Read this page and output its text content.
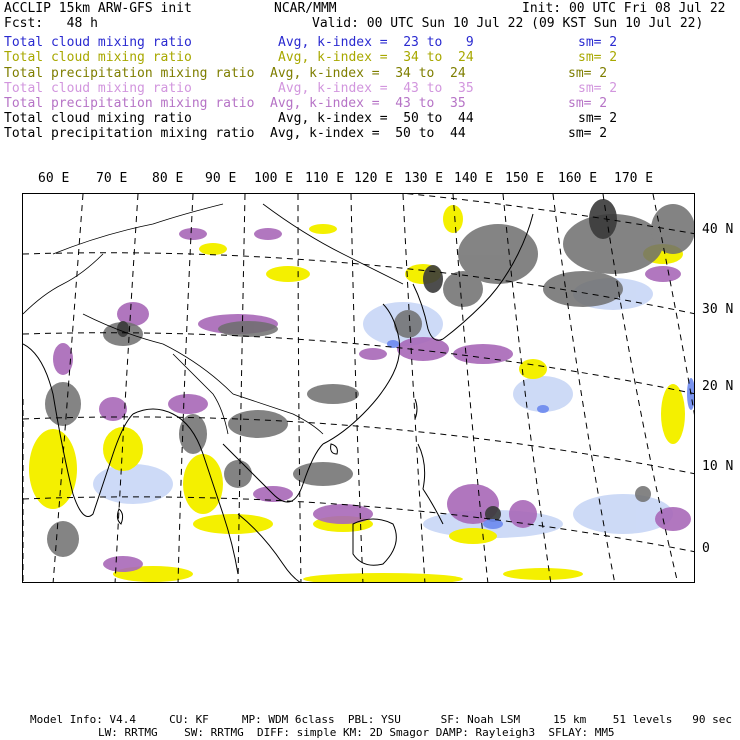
ACCLIP 15km ARW-GFS init	NCAR/MMM	Init: 00 UTC Fri 08 Jul 22
Fcst:   48 h	Valid: 00 UTC Sun 10 Jul 22 (09 KST Sun 10 Jul 22)
Total cloud mixing ratio	Avg, k-index =  23 to   9	sm= 2
Total cloud mixing ratio	Avg, k-index =  34 to  24	sm= 2
Total precipitation mixing ratio Avg, k-index =  34 to  24	sm= 2
Total cloud mixing ratio	Avg, k-index =  43 to  35	sm= 2
Total precipitation mixing ratio Avg, k-index =  43 to  35	sm= 2
Total cloud mixing ratio	Avg, k-index =  50 to  44	sm= 2
Total precipitation mixing ratio Avg, k-index =  50 to  44	sm= 2
60 E 70 E 80 E 90 E 100 E 110 E 120 E 130 E 140 E 150 E 160 E 170 E
40 N
30 N
20 N
10 N
0
Model Info: V4.4     CU: KF     MP: WDM 6class  PBL: YSU      SF: Noah LSM     15 km    51 levels   90 sec
LW: RRTMG    SW: RRTMG  DIFF: simple KM: 2D Smagor DAMP: Rayleigh3  SFLAY: MM5
